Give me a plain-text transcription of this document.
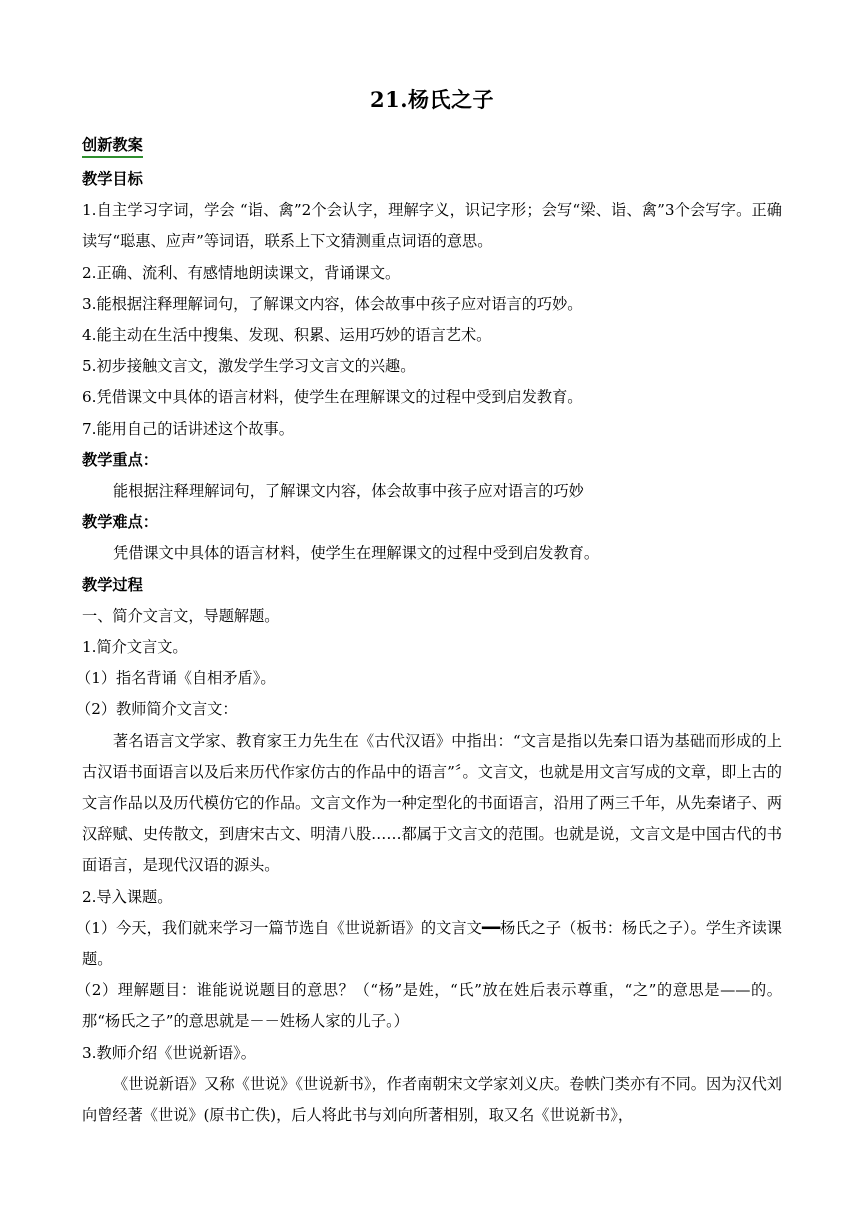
21.杨氏之子

创新教案

教学目标

1.自主学习字词，学会 “诣、禽”2个会认字，理解字义，识记字形；会写“梁、诣、禽”3个会写字。正确读写“聪惠、应声”等词语，联系上下文猜测重点词语的意思。

2.正确、流利、有感情地朗读课文，背诵课文。

3.能根据注释理解词句，了解课文内容，体会故事中孩子应对语言的巧妙。

4.能主动在生活中搜集、发现、积累、运用巧妙的语言艺术。

5.初步接触文言文，激发学生学习文言文的兴趣。

6.凭借课文中具体的语言材料，使学生在理解课文的过程中受到启发教育。

7.能用自己的话讲述这个故事。

教学重点：

能根据注释理解词句，了解课文内容，体会故事中孩子应对语言的巧妙

教学难点：

凭借课文中具体的语言材料，使学生在理解课文的过程中受到启发教育。

教学过程

一、简介文言文，导题解题。

1.简介文言文。

（1）指名背诵《自相矛盾》。

（2）教师简介文言文：

著名语言文学家、教育家王力先生在《古代汉语》中指出：“文言是指以先秦口语为基础而形成的上古汉语书面语言以及后来历代作家仿古的作品中的语言”〞。文言文，也就是用文言写成的文章，即上古的文言作品以及历代模仿它的作品。文言文作为一种定型化的书面语言，沿用了两三千年，从先秦诸子、两汉辞赋、史传散文，到唐宋古文、明清八股……都属于文言文的范围。也就是说，文言文是中国古代的书面语言，是现代汉语的源头。

2.导入课题。

（1）今天，我们就来学习一篇节选自《世说新语》的文言文━━杨氏之子（板书：杨氏之子）。学生齐读课题。

（2）理解题目：谁能说说题目的意思？（“杨”是姓，“氏”放在姓后表示尊重，“之”的意思是——的。那“杨氏之子”的意思就是－－姓杨人家的儿子。）

3.教师介绍《世说新语》。

《世说新语》又称《世说》《世说新书》，作者南朝宋文学家刘义庆。卷帙门类亦有不同。因为汉代刘向曾经著《世说》(原书亡佚)，后人将此书与刘向所著相别，取又名《世说新书》，
